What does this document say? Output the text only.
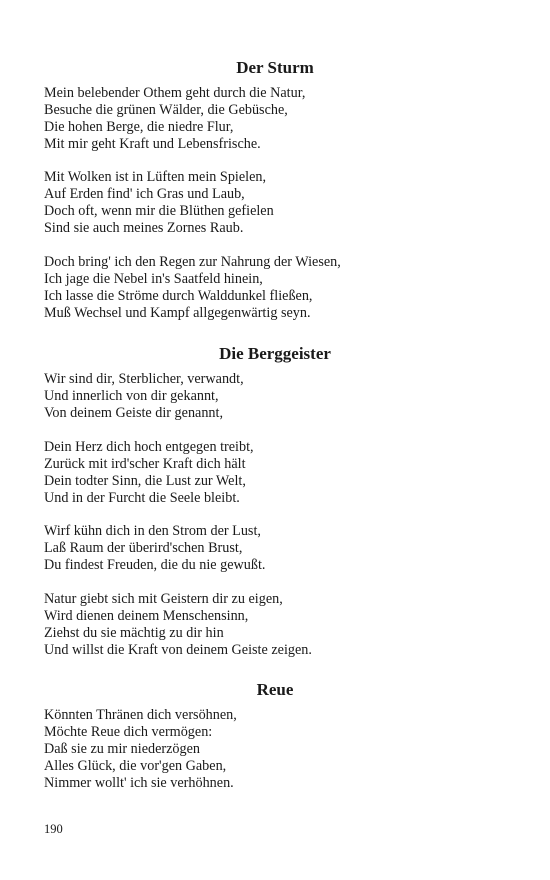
Der Sturm

Mein belebender Othem geht durch die Natur,

Besuche die grünen Wälder, die Gebüsche,

Die hohen Berge, die niedre Flur,

Mit mir geht Kraft und Lebensfrische.

Mit Wolken ist in Lüften mein Spielen,

Auf Erden find' ich Gras und Laub,

Doch oft, wenn mir die Blüthen gefielen

Sind sie auch meines Zornes Raub.

Doch bring' ich den Regen zur Nahrung der Wiesen,

Ich jage die Nebel in's Saatfeld hinein,

Ich lasse die Ströme durch Walddunkel fließen,

Muß Wechsel und Kampf allgegenwärtig seyn.

Die Berggeister

Wir sind dir, Sterblicher, verwandt,

Und innerlich von dir gekannt,

Von deinem Geiste dir genannt,

Dein Herz dich hoch entgegen treibt,

Zurück mit ird'scher Kraft dich hält

Dein todter Sinn, die Lust zur Welt,

Und in der Furcht die Seele bleibt.

Wirf kühn dich in den Strom der Lust,

Laß Raum der überird'schen Brust,

Du findest Freuden, die du nie gewußt.

Natur giebt sich mit Geistern dir zu eigen,

Wird dienen deinem Menschensinn,

Ziehst du sie mächtig zu dir hin

Und willst die Kraft von deinem Geiste zeigen.

Reue

Könnten Thränen dich versöhnen,

Möchte Reue dich vermögen:

Daß sie zu mir niederzögen

Alles Glück, die vor'gen Gaben,

Nimmer wollt' ich sie verhöhnen.

190
